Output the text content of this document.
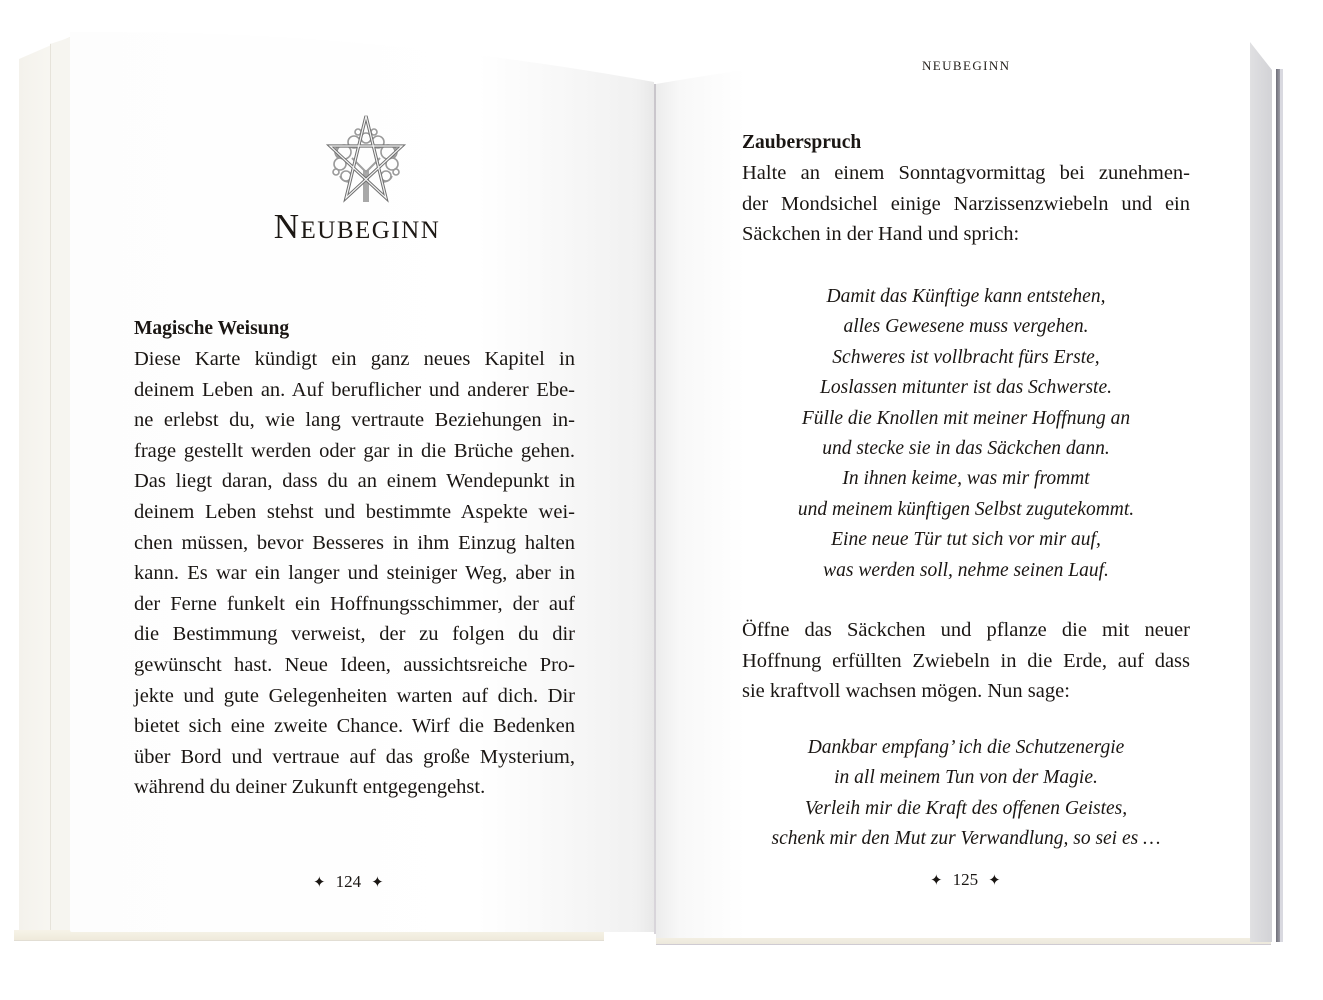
Neubeginn
Magische Weisung
Diese Karte kündigt ein ganz neues Kapitel in
deinem Leben an. Auf beruflicher und anderer Ebe-
ne erlebst du, wie lang vertraute Beziehungen in-
frage gestellt werden oder gar in die Brüche gehen.
Das liegt daran, dass du an einem Wendepunkt in
deinem Leben stehst und bestimmte Aspekte wei-
chen müssen, bevor Besseres in ihm Einzug halten
kann. Es war ein langer und steiniger Weg, aber in
der Ferne funkelt ein Hoffnungsschimmer, der auf
die Bestimmung verweist, der zu folgen du dir
gewünscht hast. Neue Ideen, aussichtsreiche Pro-
jekte und gute Gelegenheiten warten auf dich. Dir
bietet sich eine zweite Chance. Wirf die Bedenken
über Bord und vertraue auf das große Mysterium,
während du deiner Zukunft entgegengehst.
✦ 124 ✦
NEUBEGINN
Zauberspruch
Halte an einem Sonntagvormittag bei zunehmen-
der Mondsichel einige Narzissenzwiebeln und ein
Säckchen in der Hand und sprich:
Damit das Künftige kann entstehen,
alles Gewesene muss vergehen.
Schweres ist vollbracht fürs Erste,
Loslassen mitunter ist das Schwerste.
Fülle die Knollen mit meiner Hoffnung an
und stecke sie in das Säckchen dann.
In ihnen keime, was mir frommt
und meinem künftigen Selbst zugutekommt.
Eine neue Tür tut sich vor mir auf,
was werden soll, nehme seinen Lauf.
Öffne das Säckchen und pflanze die mit neuer
Hoffnung erfüllten Zwiebeln in die Erde, auf dass
sie kraftvoll wachsen mögen. Nun sage:
Dankbar empfang’ ich die Schutzenergie
in all meinem Tun von der Magie.
Verleih mir die Kraft des offenen Geistes,
schenk mir den Mut zur Verwandlung, so sei es …
✦ 125 ✦
